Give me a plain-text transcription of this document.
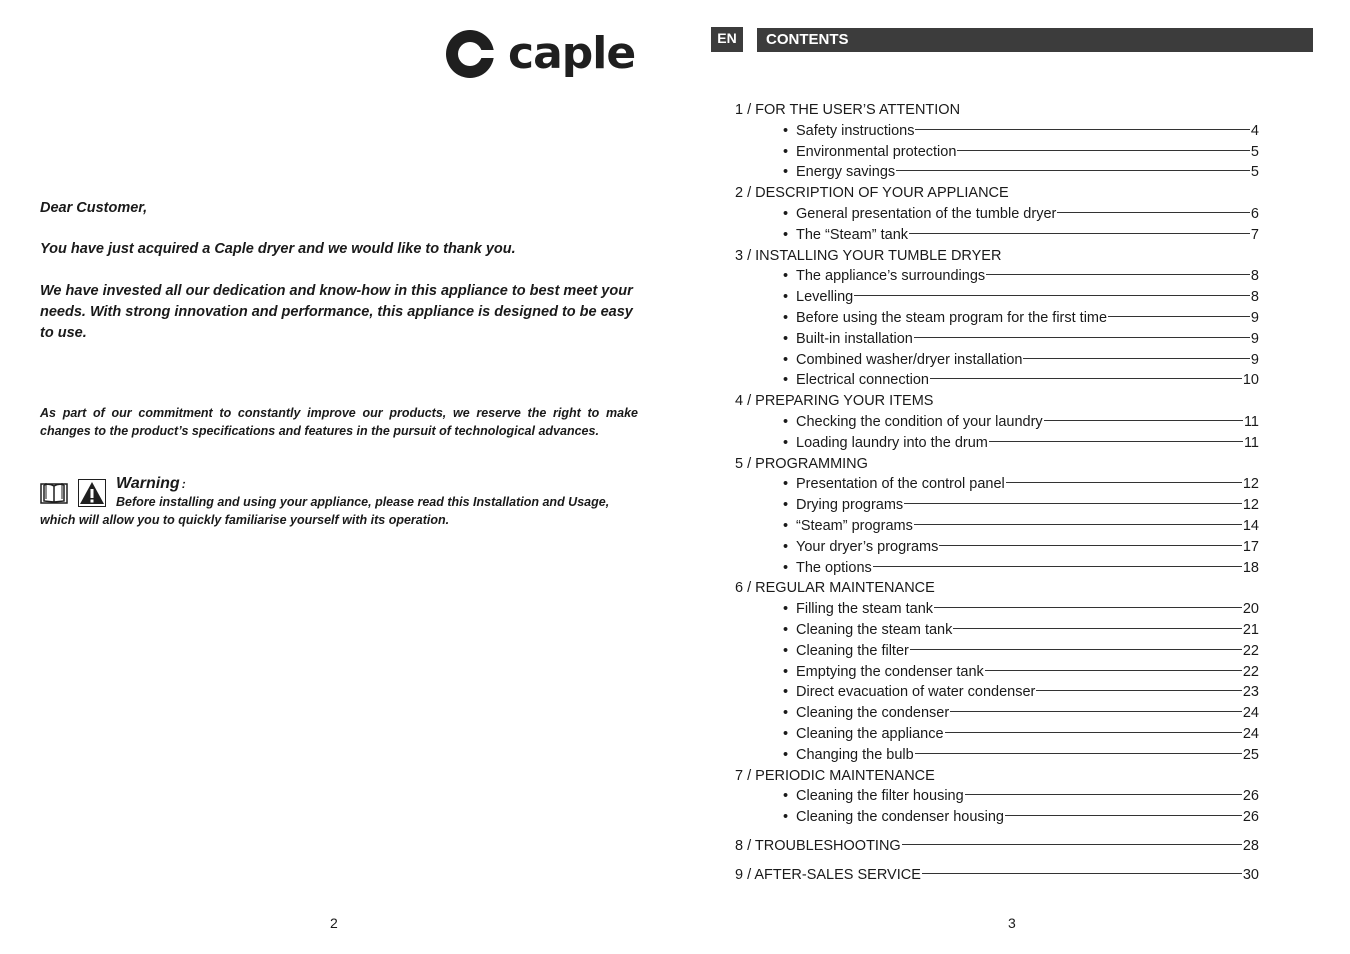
caple

Dear Customer,

You have just acquired a Caple dryer and we would like to thank you.

We have invested all our dedication and know-how in this appliance to best meet your needs. With strong innovation and performance, this appliance is designed to be easy to use.

As part of our commitment to constantly improve our products, we reserve the right to make changes to the product’s specifications and features in the pursuit of technological advances.

Warning :

Before installing and using your appliance, please read this Installation and Usage, which will allow you to quickly familiarise yourself with its operation.

2
EN	CONTENTS
1 / FOR THE USER’S ATTENTION
• Safety instructions	4
• Environmental protection	5
• Energy savings	5
2 / DESCRIPTION OF YOUR APPLIANCE
• General presentation of the tumble dryer	6
• The “Steam” tank	7
3 / INSTALLING YOUR TUMBLE DRYER
• The appliance’s surroundings	8
• Levelling	8
• Before using the steam program for the first time	9
• Built-in installation	9
• Combined washer/dryer installation	9
• Electrical connection	10
4 / PREPARING YOUR ITEMS
• Checking the condition of your laundry	11
• Loading laundry into the drum	11
5 / PROGRAMMING
• Presentation of the control panel	12
• Drying programs	12
• “Steam” programs	14
• Your dryer’s programs	17
• The options	18
6 / REGULAR MAINTENANCE
• Filling the steam tank	20
• Cleaning the steam tank	21
• Cleaning the filter	22
• Emptying the condenser tank	22
• Direct evacuation of water condenser	23
• Cleaning the condenser	24
• Cleaning the appliance	24
• Changing the bulb	25
7 / PERIODIC MAINTENANCE
• Cleaning the filter housing	26
• Cleaning the condenser housing	26
8 / TROUBLESHOOTING	28
9 / AFTER-SALES SERVICE	30
3
